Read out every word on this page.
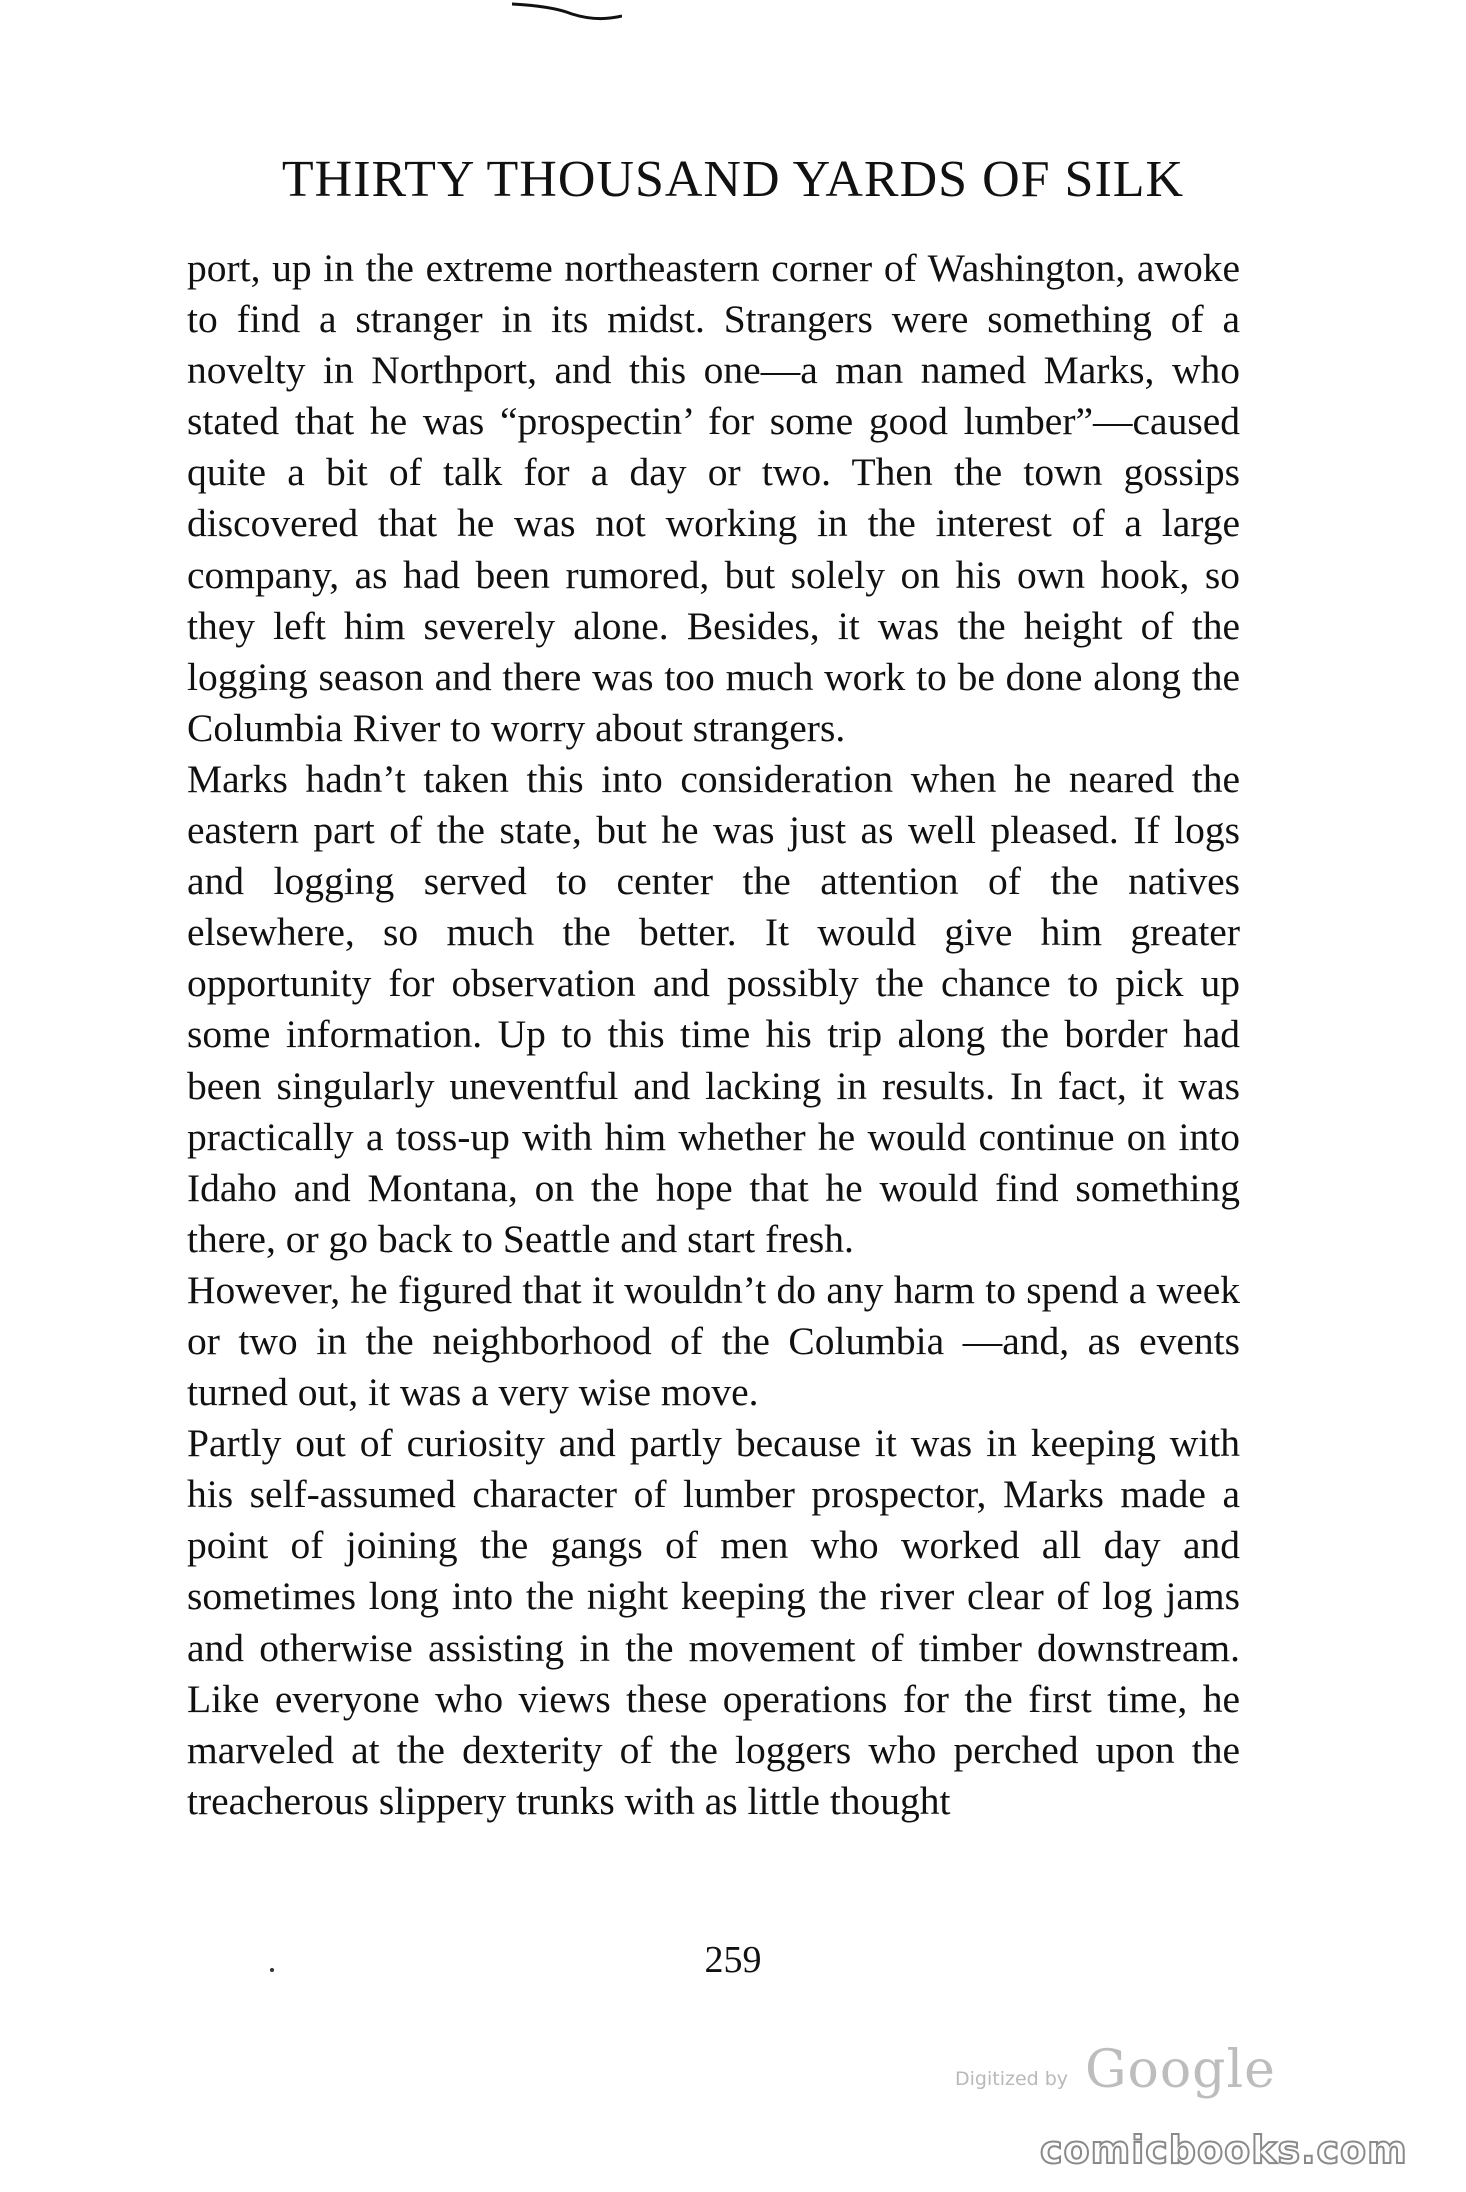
THIRTY THOUSAND YARDS OF SILK

port, up in the extreme northeastern corner of Washington, awoke to find a stranger in its midst. Strangers were something of a novelty in Northport, and this one—a man named Marks, who stated that he was “prospectin’ for some good lumber”—caused quite a bit of talk for a day or two. Then the town gossips discovered that he was not working in the interest of a large company, as had been rumored, but solely on his own hook, so they left him severely alone. Besides, it was the height of the logging season and there was too much work to be done along the Columbia River to worry about strangers.

Marks hadn’t taken this into consideration when he neared the eastern part of the state, but he was just as well pleased. If logs and logging served to center the attention of the natives elsewhere, so much the better. It would give him greater opportunity for observation and possibly the chance to pick up some information. Up to this time his trip along the border had been singularly uneventful and lacking in results. In fact, it was practically a toss-up with him whether he would continue on into Idaho and Montana, on the hope that he would find something there, or go back to Seattle and start fresh.

However, he figured that it wouldn’t do any harm to spend a week or two in the neighborhood of the Columbia —and, as events turned out, it was a very wise move.

Partly out of curiosity and partly because it was in keeping with his self-assumed character of lumber prospector, Marks made a point of joining the gangs of men who worked all day and sometimes long into the night keeping the river clear of log jams and otherwise assisting in the movement of timber downstream. Like everyone who views these operations for the first time, he marveled at the dexterity of the loggers who perched upon the treacherous slippery trunks with as little thought

259

Digitized by Google
comicbooks.com
